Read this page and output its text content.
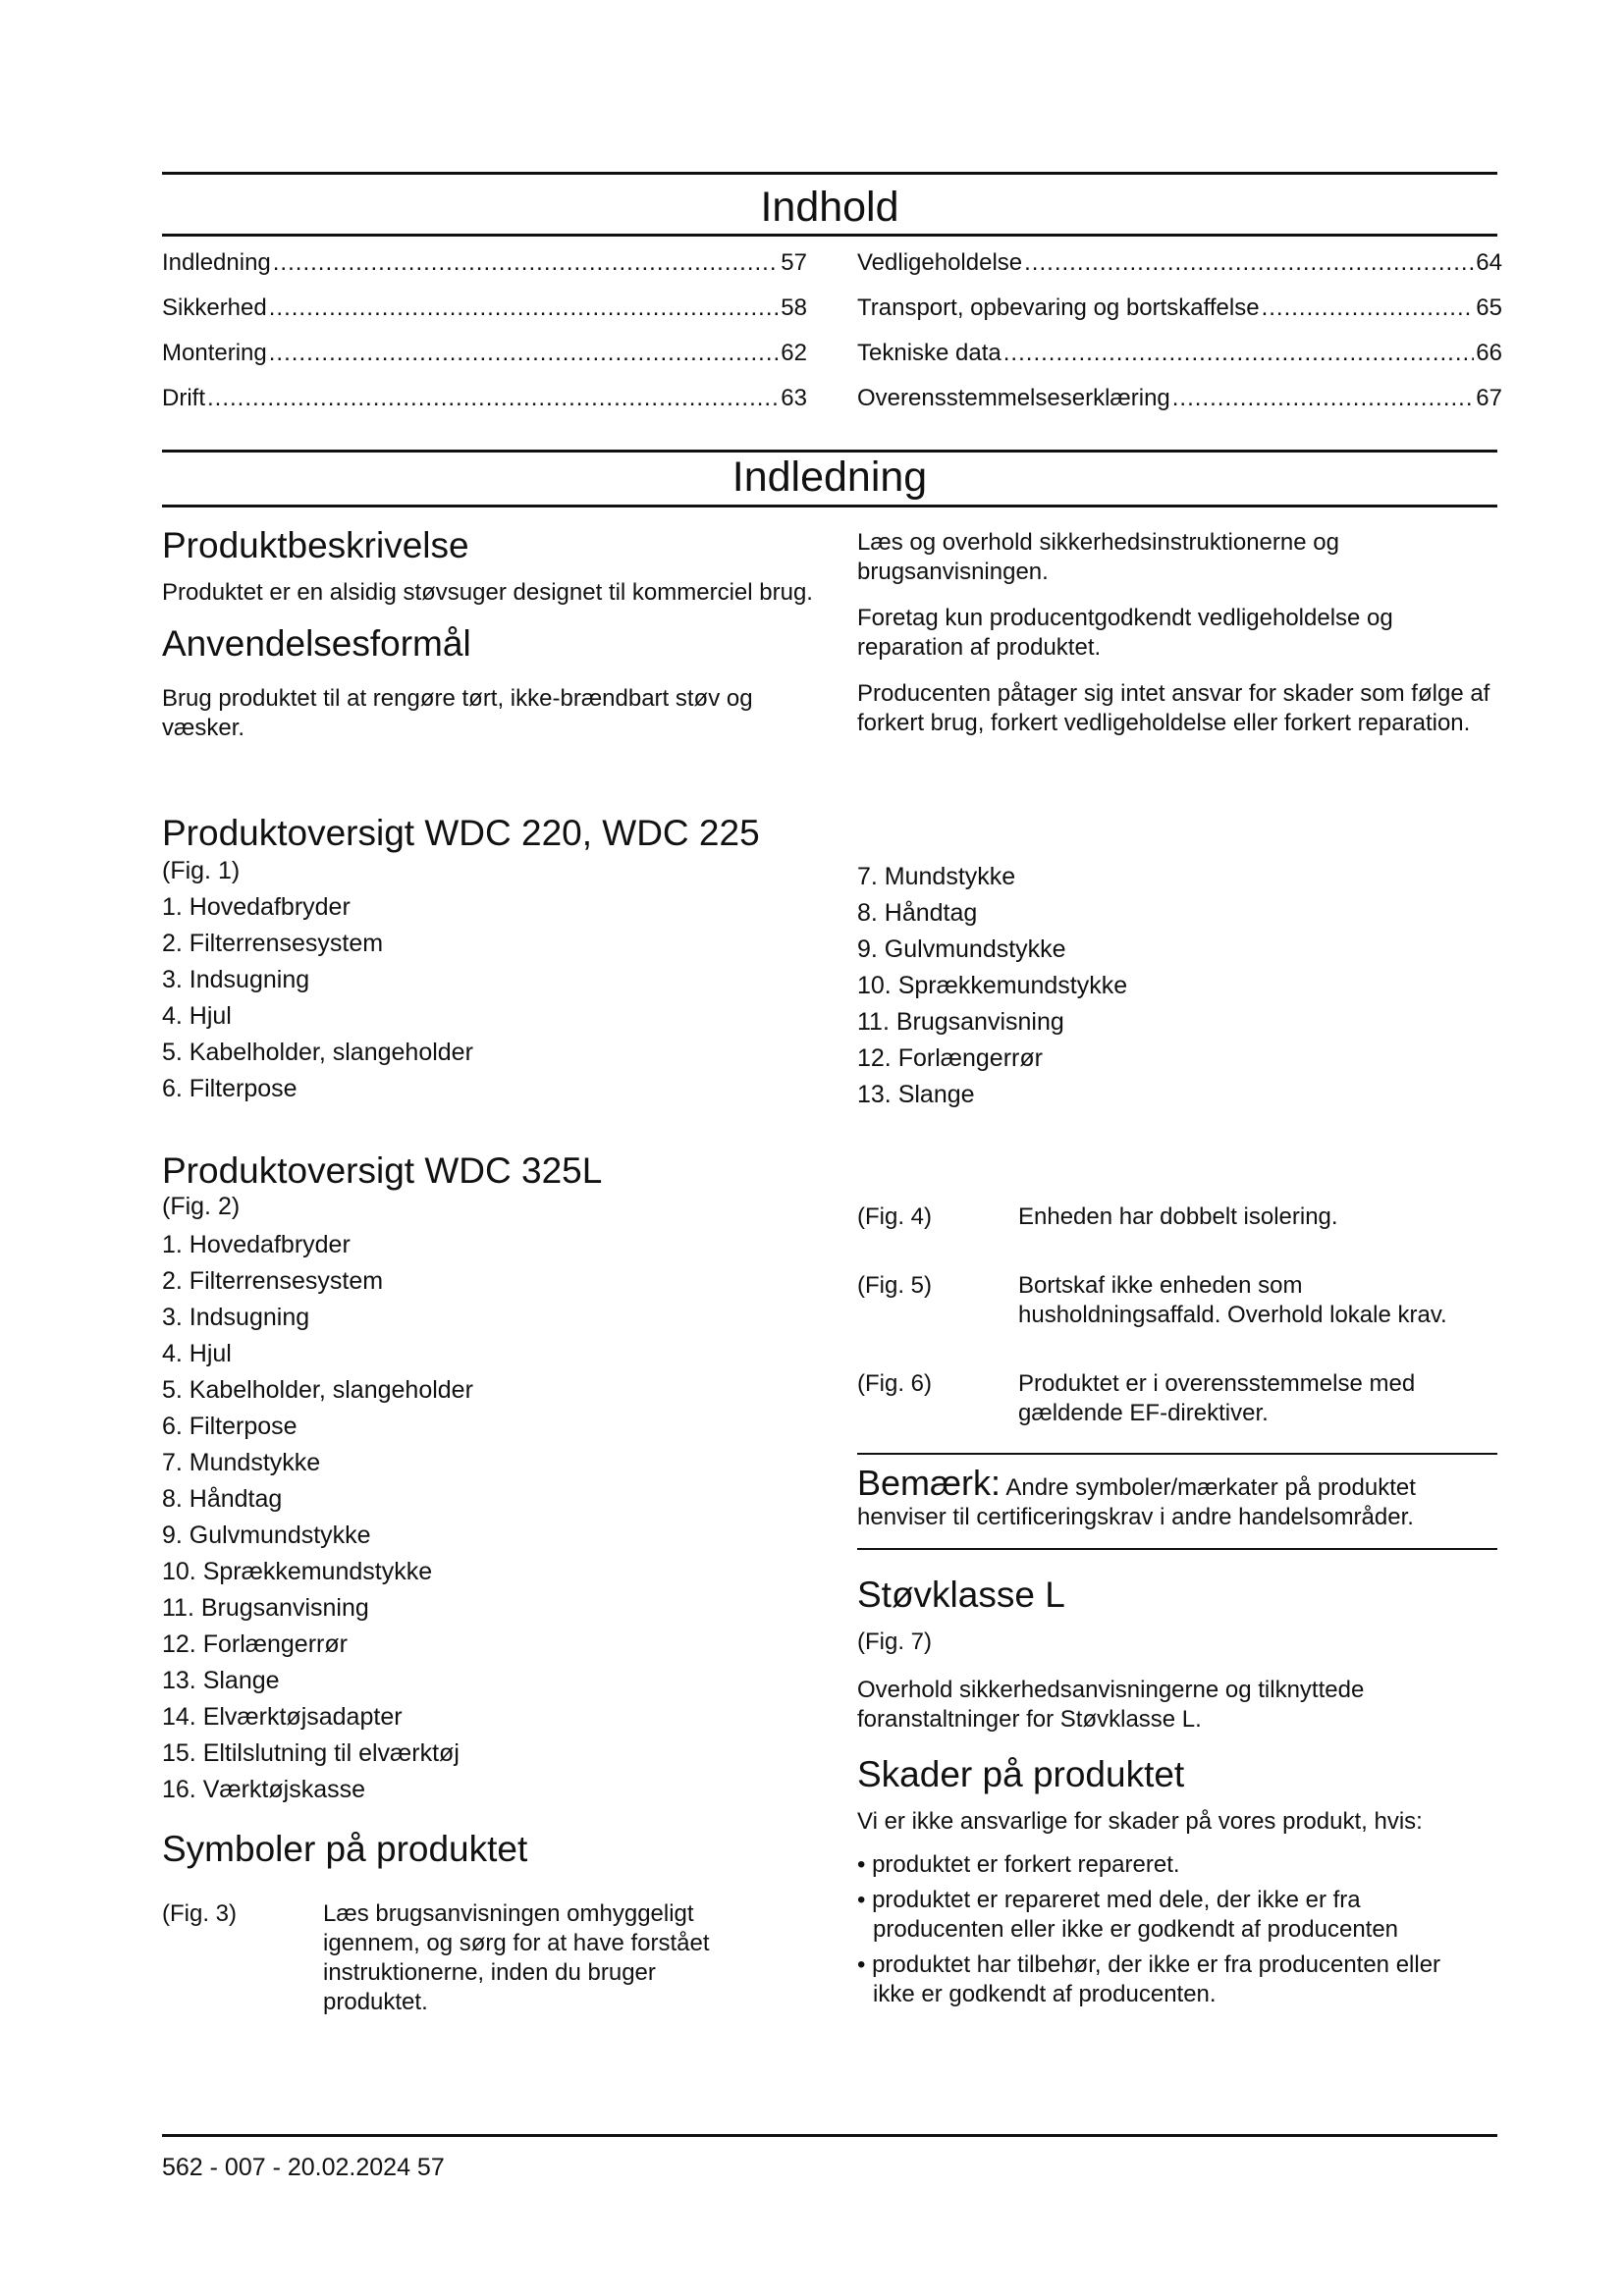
Indhold
Indledning .....	57
Sikkerhed .....	58
Montering .....	62
Drift .....	63
Vedligeholdelse .....	64
Transport, opbevaring og bortskaffelse .....	65
Tekniske data .....	66
Overensstemmelseserklæring .....	67
Indledning
Produktbeskrivelse

Produktet er en alsidig støvsuger designet til kommerciel brug.

Anvendelsesformål

Brug produktet til at rengøre tørt, ikke-brændbart støv og væsker.

Læs og overhold sikkerhedsinstruktionerne og brugsanvisningen.

Foretag kun producentgodkendt vedligeholdelse og reparation af produktet.

Producenten påtager sig intet ansvar for skader som følge af forkert brug, forkert vedligeholdelse eller forkert reparation.

Produktoversigt WDC 220, WDC 225

(Fig. 1)

1. Hovedafbryder
2. Filterrensesystem
3. Indsugning
4. Hjul
5. Kabelholder, slangeholder
6. Filterpose
7. Mundstykke
8. Håndtag
9. Gulvmundstykke
10. Sprækkemundstykke
11. Brugsanvisning
12. Forlængerrør
13. Slange
Produktoversigt WDC 325L

(Fig. 2)

1. Hovedafbryder
2. Filterrensesystem
3. Indsugning
4. Hjul
5. Kabelholder, slangeholder
6. Filterpose
7. Mundstykke
8. Håndtag
9. Gulvmundstykke
10. Sprækkemundstykke
11. Brugsanvisning
12. Forlængerrør
13. Slange
14. Elværktøjsadapter
15. Eltilslutning til elværktøj
16. Værktøjskasse
Symboler på produktet
(Fig. 3)	Læs brugsanvisningen omhyggeligt igennem, og sørg for at have forstået instruktionerne, inden du bruger produktet.
(Fig. 4)	Enheden har dobbelt isolering.
(Fig. 5)	Bortskaf ikke enheden som husholdningsaffald. Overhold lokale krav.
(Fig. 6)	Produktet er i overensstemmelse med gældende EF-direktiver.
Bemærk: Andre symboler/mærkater på produktet henviser til certificeringskrav i andre handelsområder.
Støvklasse L

(Fig. 7)

Overhold sikkerhedsanvisningerne og tilknyttede foranstaltninger for Støvklasse L.

Skader på produktet

Vi er ikke ansvarlige for skader på vores produkt, hvis:

• produktet er forkert repareret.
• produktet er repareret med dele, der ikke er fra producenten eller ikke er godkendt af producenten
• produktet har tilbehør, der ikke er fra producenten eller ikke er godkendt af producenten.
562 - 007 - 20.02.2024 57
